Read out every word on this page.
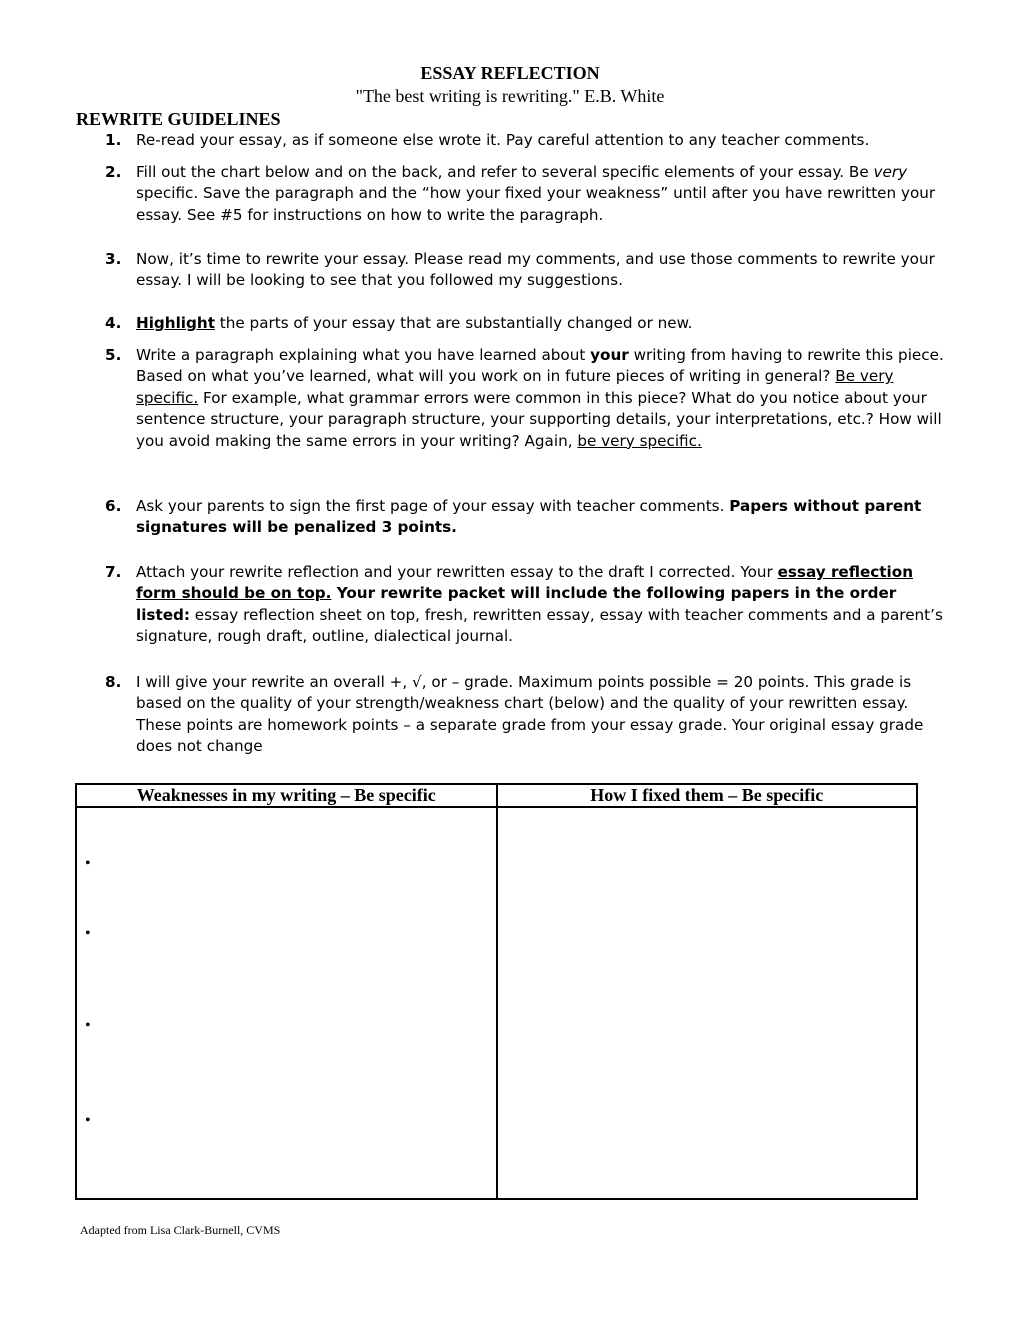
ESSAY REFLECTION
"The best writing is rewriting." E.B. White
REWRITE GUIDELINES
1. Re-read your essay, as if someone else wrote it. Pay careful attention to any teacher comments.
2. Fill out the chart below and on the back, and refer to several specific elements of your essay. Be very specific. Save the paragraph and the “how your fixed your weakness” until after you have rewritten your essay. See #5 for instructions on how to write the paragraph.
3. Now, it’s time to rewrite your essay. Please read my comments, and use those comments to rewrite your essay. I will be looking to see that you followed my suggestions.
4. Highlight the parts of your essay that are substantially changed or new.
5. Write a paragraph explaining what you have learned about your writing from having to rewrite this piece. Based on what you’ve learned, what will you work on in future pieces of writing in general? Be very specific. For example, what grammar errors were common in this piece? What do you notice about your sentence structure, your paragraph structure, your supporting details, your interpretations, etc.? How will you avoid making the same errors in your writing? Again, be very specific.
6. Ask your parents to sign the first page of your essay with teacher comments. Papers without parent signatures will be penalized 3 points.
7. Attach your rewrite reflection and your rewritten essay to the draft I corrected. Your essay reflection form should be on top. Your rewrite packet will include the following papers in the order listed: essay reflection sheet on top, fresh, rewritten essay, essay with teacher comments and a parent’s signature, rough draft, outline, dialectical journal.
8. I will give your rewrite an overall +, √, or – grade. Maximum points possible = 20 points. This grade is based on the quality of your strength/weakness chart (below) and the quality of your rewritten essay. These points are homework points – a separate grade from your essay grade. Your original essay grade does not change
Weaknesses in my writing – Be specific	How I fixed them – Be specific

•
•
•
•	

Adapted from Lisa Clark-Burnell, CVMS
